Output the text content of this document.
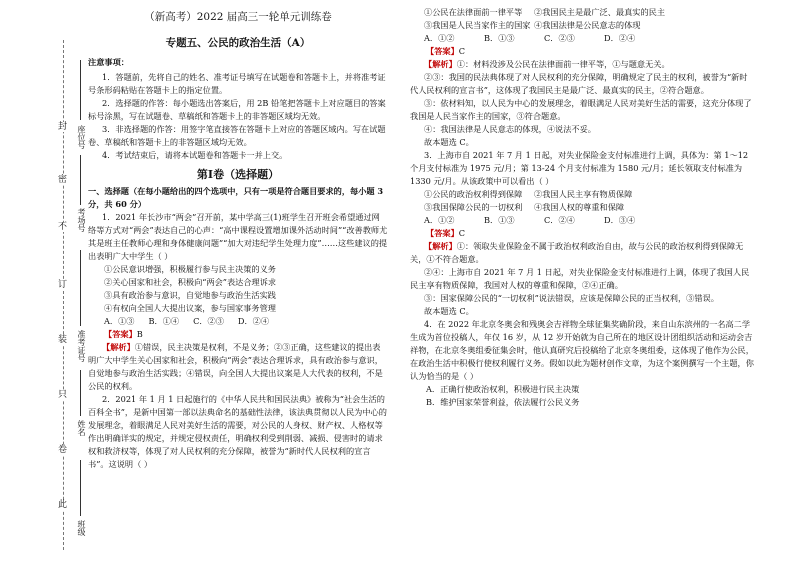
封
密
不
订
装
只
卷
此
座位号
考场号
准考证号
姓名
班级
（新高考）2022 届高三一轮单元训练卷
专题五、公民的政治生活（A）
注意事项：

1．答题前，先将自己的姓名、准考证号填写在试题卷和答题卡上，并将准考证号条形码粘贴在答题卡上的指定位置。

2．选择题的作答：每小题选出答案后，用 2B 铅笔把答题卡上对应题目的答案标号涂黑，写在试题卷、草稿纸和答题卡上的非答题区域均无效。

3．非选择题的作答：用签字笔直接答在答题卡上对应的答题区域内。写在试题卷、草稿纸和答题卡上的非答题区域均无效。

4．考试结束后，请将本试题卷和答题卡一并上交。

第Ⅰ卷（选择题）

一、选择题（在每小题给出的四个选项中，只有一项是符合题目要求的，每小题 3 分，共 60 分）

1．2021 年长沙市“两会”召开前，某中学高三(1)班学生召开班会希望通过网络等方式对“两会”表达自己的心声：“高中课程设置增加课外活动时间”“改善教师尤其是班主任教师心理和身体健康问题”“加大对违纪学生处理力度”……这些建议的提出表明广大中学生（ ）

①公民意识增强，积极履行参与民主决策的义务

②关心国家和社会，积极向“两会”表达合理诉求

③具有政治参与意识，自觉地参与政治生活实践

④有权向全国人大提出议案，参与国家事务管理

A．①③ B．①④ C．②③ D．②④

【答案】B

【解析】①错误，民主决策是权利，不是义务；②③正确，这些建议的提出表明广大中学生关心国家和社会，积极向“两会”表达合理诉求，具有政治参与意识，自觉地参与政治生活实践；④错误，向全国人大提出议案是人大代表的权利，不是公民的权利。

2．2021 年 1 月 1 日起施行的《中华人民共和国民法典》被称为“社会生活的百科全书”，是新中国第一部以法典命名的基础性法律，该法典贯彻以人民为中心的发展理念，着眼满足人民对美好生活的需要，对公民的人身权、财产权、人格权等作出明确详实的规定，并规定侵权责任，明确权利受到削弱、减损、侵害时的请求权和救济权等，体现了对人民权利的充分保障，被誉为“新时代人民权利的宣言书”。这说明（ ）

①公民在法律面前一律平等	②我国民主是最广泛、最真实的民主
③我国是人民当家作主的国家 ④我国法律是公民意志的体现
A．①②	B．①③	C．②③	D．②④

【答案】C

【解析】①：材料没涉及公民在法律面前一律平等，①与题意无关。

②③：我国的民法典体现了对人民权利的充分保障，明确规定了民主的权利，被誉为“新时代人民权利的宣言书”，这体现了我国民主是最广泛、最真实的民主，②符合题意。

③：依材料知，以人民为中心的发展理念，着眼满足人民对美好生活的需要，这充分体现了我国是人民当家作主的国家，③符合题意。

④：我国法律是人民意志的体现，④说法不妥。

故本题选 C。

3．上海市自 2021 年 7 月 1 日起，对失业保险金支付标准进行上调，具体为：第 1～12 个月支付标准为 1975 元/月；第 13-24 个月支付标准为 1580 元/月；延长领取支付标准为 1330 元/月。从该政策中可以看出（ ）

①公民的政治权利得到保障	②我国人民主享有物质保障
③我国保障公民的一切权利	④我国人权的尊重和保障
A．①②	B．①③	C．②④	D．③④

【答案】C

【解析】①：领取失业保险金不属于政治权利政治自由，故与公民的政治权利得到保障无关，①不符合题意。

②④：上海市自 2021 年 7 月 1 日起，对失业保险金支付标准进行上调，体现了我国人民民主享有物质保障，我国对人权的尊重和保障，②④正确。

③：国家保障公民的“一切权利”说法错误，应该是保障公民的正当权利，③错误。

故本题选 C。

4．在 2022 年北京冬奥会和残奥会吉祥物全球征集奖确阶段，来自山东滨州的一名高二学生成为首位投稿人，年仅 16 岁，从 12 岁开始就为自己所在的地区设计团组织活动和运动会吉祥物，在北京冬奥组委征集会时，他认真研究后投稿给了北京冬奥组委，这体现了他作为公民，在政治生活中积极行使权利履行义务。假如以此为题材创作文章，为这个案例撰写一个主题，你认为恰当的是（ ）

A．正确行使政治权利，积极进行民主决策

B．维护国家荣誉利益，依法履行公民义务
